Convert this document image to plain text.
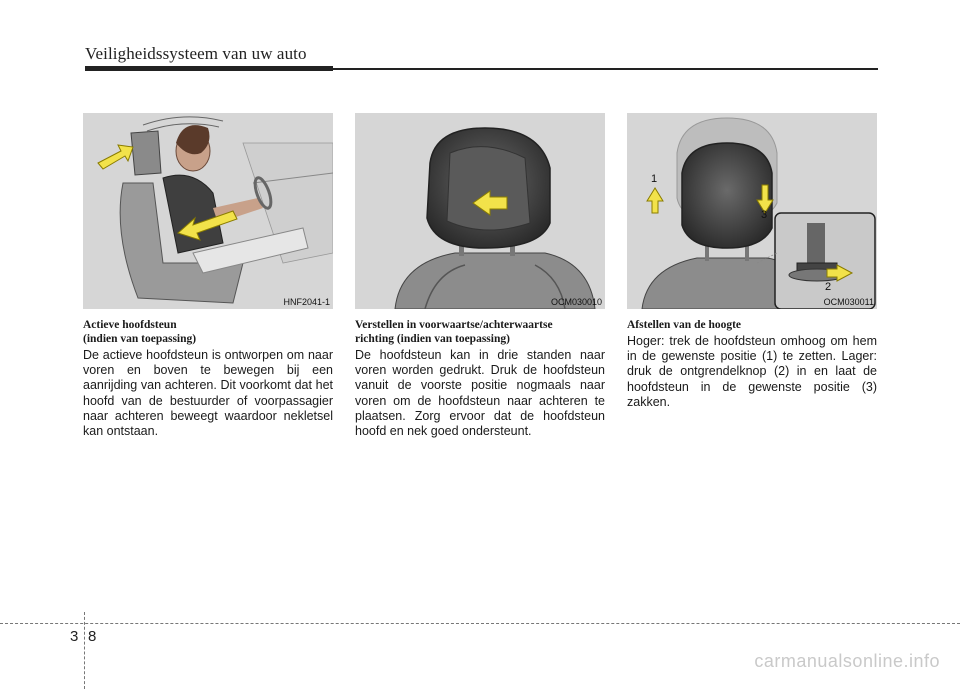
Veiligheidssysteem van uw auto
HNF2041-1	OCM030010
1
2
3
OCM030011

Actieve hoofdsteun

(indien van toepassing)

De actieve hoofdsteun is ontworpen om naar voren en boven te bewegen bij een aanrijding van achteren. Dit voorkomt dat het hoofd van de bestuurder of voorpassagier naar achteren beweegt waardoor nekletsel kan ontstaan.

Verstellen in voorwaartse/achterwaartse

richting (indien van toepassing)

De hoofdsteun kan in drie standen naar voren worden gedrukt. Druk de hoofdsteun vanuit de voorste positie nogmaals naar voren om de hoofdsteun naar achteren te plaatsen. Zorg ervoor dat de hoofdsteun hoofd en nek goed ondersteunt.

Afstellen van de hoogte

Hoger: trek de hoofdsteun omhoog om hem in de gewenste positie (1) te zetten. Lager: druk de ontgrendelknop (2) in en laat de hoofdsteun in de gewenste positie (3) zakken.
3 8
carmanualsonline.info
